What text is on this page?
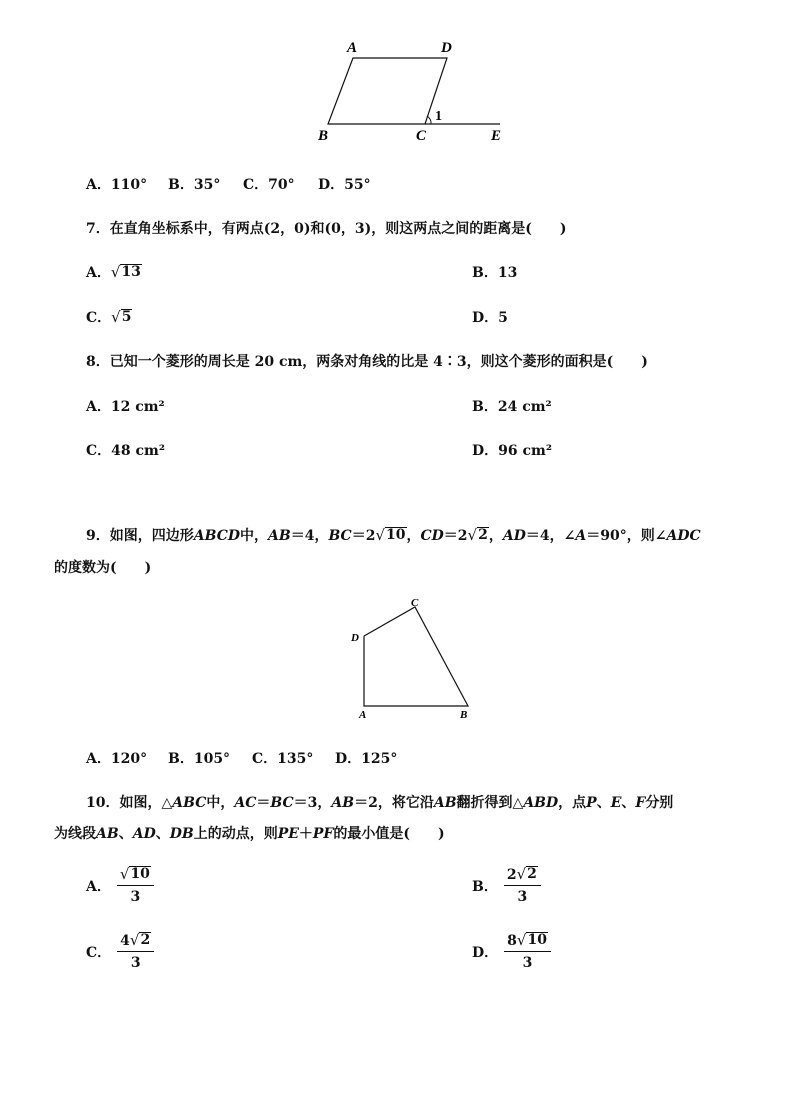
A	D
B	C	E
1
A．110° B．35° C．70° D．55°
7．在直角坐标系中，有两点(2，0)和(0，3)，则这两点之间的距离是(　　)
A． √ 13	B．13
C． √ 5	D．5
8．已知一个菱形的周长是 20 cm，两条对角线的比是 4∶3，则这个菱形的面积是(　　)
A．12 cm²	B．24 cm²
C．48 cm²	D．96 cm²
9．如图，四边形ABCD中，AB＝4，BC＝2 √ 10 ，CD＝2 √ 2 ，AD＝4，∠A＝90°，则∠ADC
的度数为(　　)
C
D
A	B
A．120° B．105° C．135° D．125°
10．如图，△ABC中，AC＝BC＝3，AB＝2，将它沿AB翻折得到△ABD，点P、E、F分别
为线段AB、AD、DB上的动点，则PE＋PF的最小值是(　　)
A． $\frac{√ 10}{3}$	B． $\frac{2 √ 2}{3}$
C． $\frac{4 √ 2}{3}$	D． $\frac{8 √ 10}{3}$
